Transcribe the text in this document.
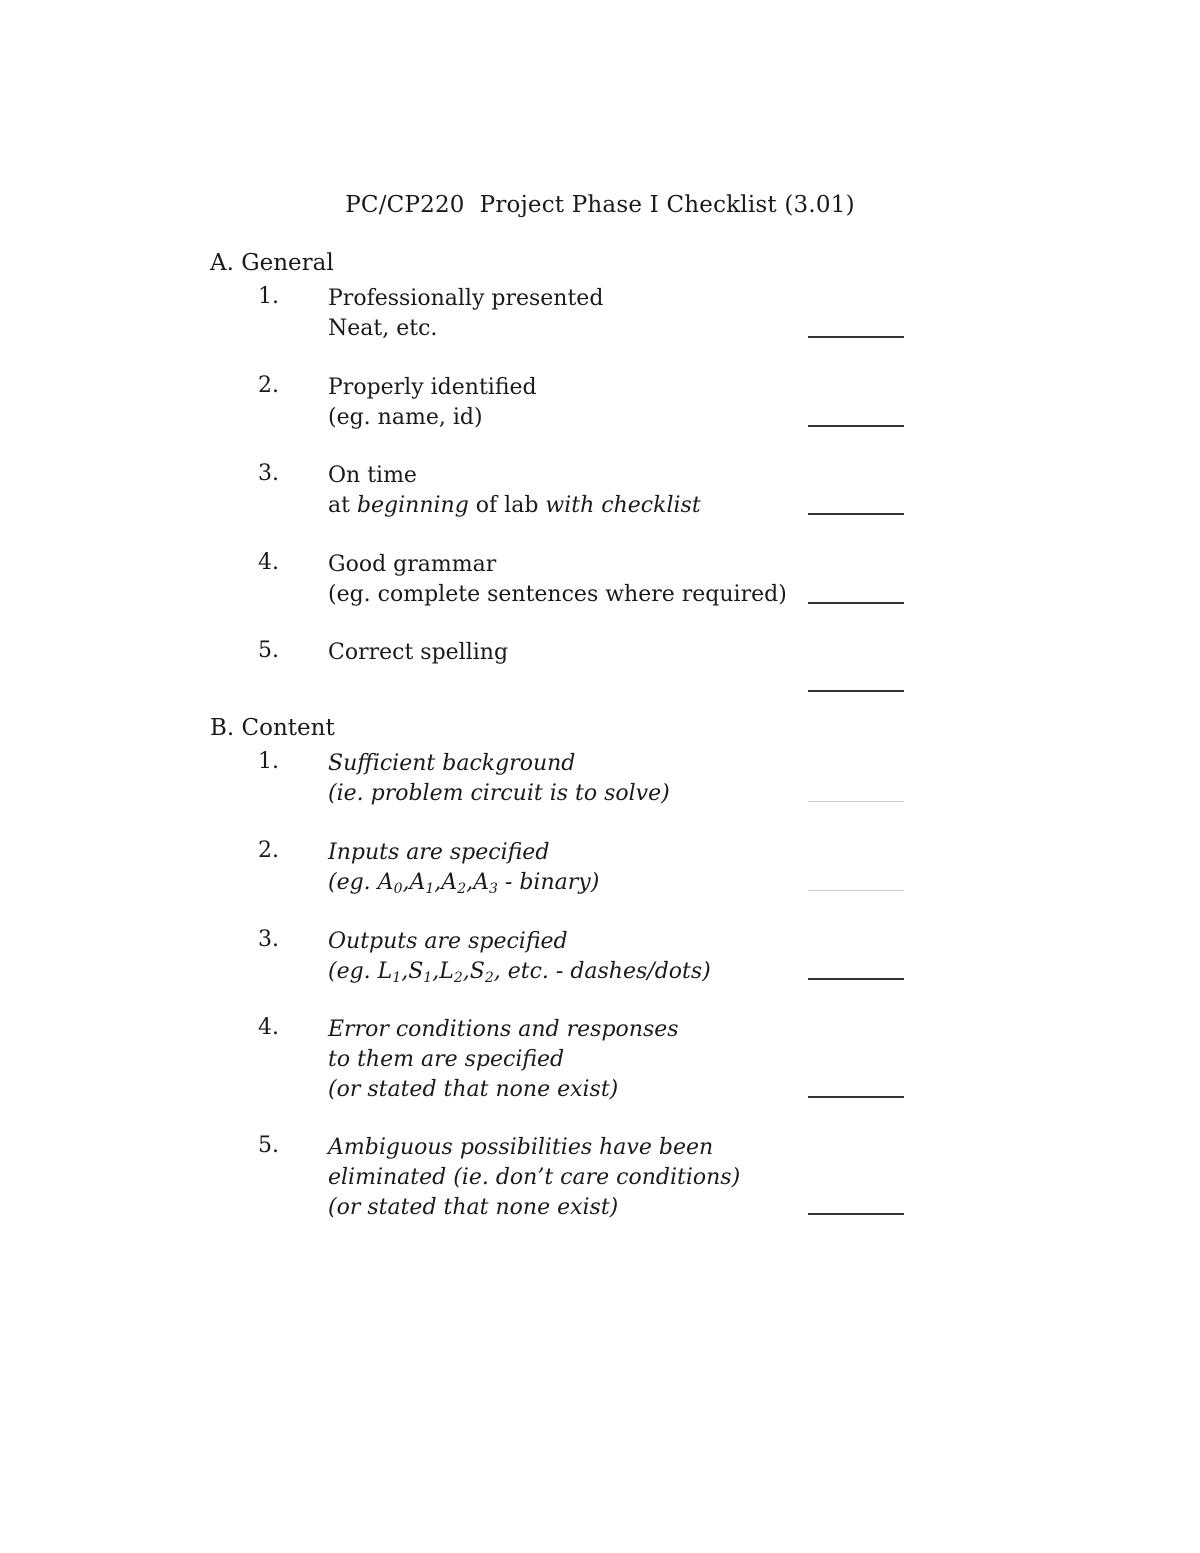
PC/CP220  Project Phase I Checklist (3.01)
A. General
1. Professionally presented
Neat, etc.
2. Properly identified
(eg. name, id)
3. On time
at beginning of lab with checklist
4. Good grammar
(eg. complete sentences where required)
5. Correct spelling
B. Content
1. Sufficient background
(ie. problem circuit is to solve)
2. Inputs are specified
(eg. $A_0,A_1,A_2,A_3$ - binary)
3. Outputs are specified
(eg. $L_1,S_1,L_2,S_2$, etc. - dashes/dots)
4. Error conditions and responses
to them are specified
(or stated that none exist)
5. Ambiguous possibilities have been
eliminated (ie. don’t care conditions)
(or stated that none exist)
